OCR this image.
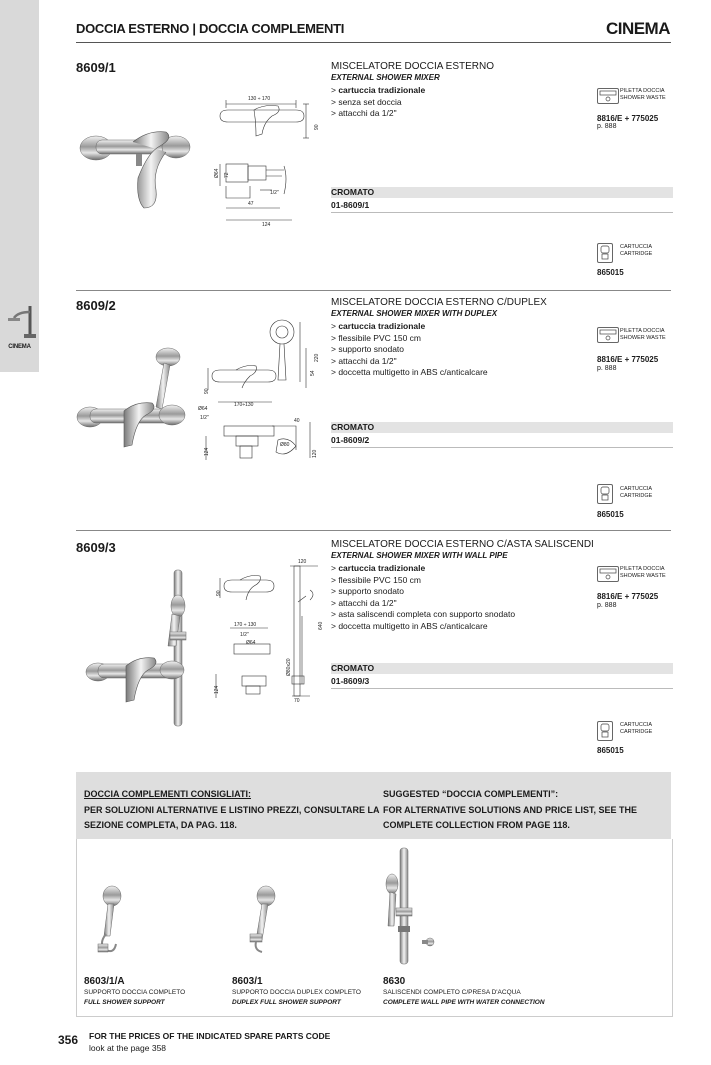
CINEMA
DOCCIA ESTERNO | DOCCIA COMPLEMENTI	CINEMA
8609/1	MISCELATORE DOCCIA ESTERNO
EXTERNAL SHOWER MIXER
> cartuccia tradizionale
> senza set doccia
> attacchi da 1/2"
130 ÷ 170
90
Ø64 72
1/2"
47
124
CROMATO
01-8609/1
PILETTA DOCCIA
SHOWER WASTE
8816/E + 775025
p. 888
CARTUCCIA
CARTRIDGE
865015
8609/2	MISCELATORE DOCCIA ESTERNO C/DUPLEX
EXTERNAL SHOWER MIXER WITH DUPLEX
> cartuccia tradizionale
> flessibile PVC 150 cm
> supporto snodato
> attacchi da 1/2"
> doccetta multigetto in ABS c/anticalcare
220
54
90
170÷130
Ø64
1/2"	40
124	120
Ø80
CROMATO
01-8609/2
PILETTA DOCCIA
SHOWER WASTE
8816/E + 775025
p. 888
CARTUCCIA
CARTRIDGE
865015
8609/3	MISCELATORE DOCCIA ESTERNO C/ASTA SALISCENDI
EXTERNAL SHOWER MIXER WITH WALL PIPE
> cartuccia tradizionale
> flessibile PVC 150 cm
> supporto snodato
> attacchi da 1/2"
> asta saliscendi completa con supporto snodato
> doccetta multigetto in ABS c/anticalcare
120
90
170 ÷ 130
1/2"
Ø64
640
Ø80x20
124
70
CROMATO
01-8609/3
PILETTA DOCCIA
SHOWER WASTE
8816/E + 775025
p. 888
CARTUCCIA
CARTRIDGE
865015
DOCCIA COMPLEMENTI CONSIGLIATI:
PER SOLUZIONI ALTERNATIVE E LISTINO PREZZI, CONSULTARE LA
SEZIONE COMPLETA, DA PAG. 118.
SUGGESTED “DOCCIA COMPLEMENTI”:
FOR ALTERNATIVE SOLUTIONS AND PRICE LIST, SEE THE
COMPLETE COLLECTION FROM PAGE 118.
8603/1/A
SUPPORTO DOCCIA COMPLETO
FULL SHOWER SUPPORT
8603/1
SUPPORTO DOCCIA DUPLEX COMPLETO
DUPLEX FULL SHOWER SUPPORT
8630
SALISCENDI COMPLETO C/PRESA D'ACQUA
COMPLETE WALL PIPE WITH WATER CONNECTION
356 FOR THE PRICES OF THE INDICATED SPARE PARTS CODE
look at the page 358
